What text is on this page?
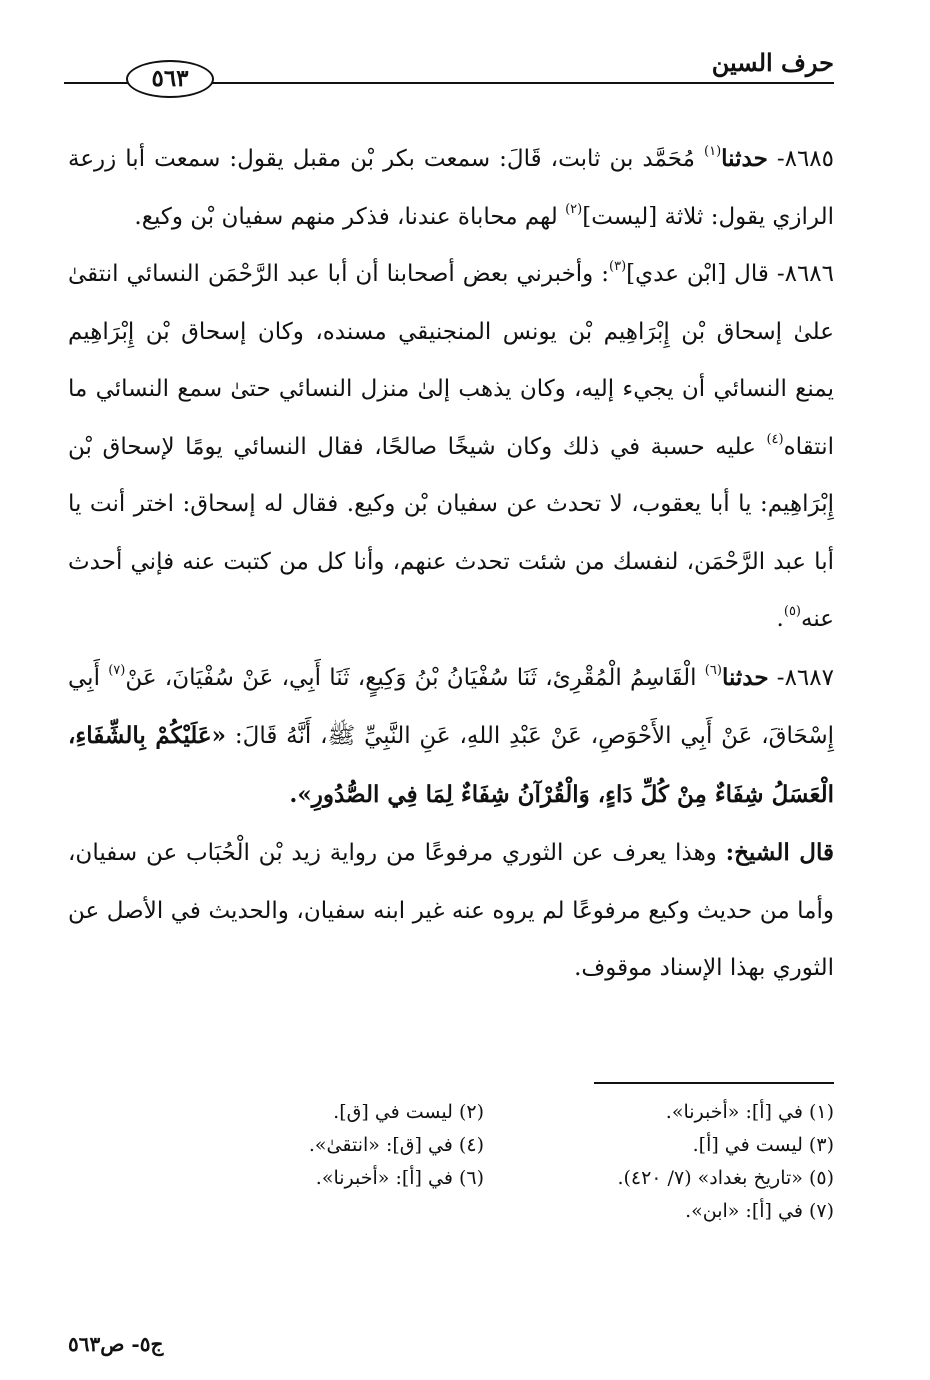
حرف السين
٥٦٣

٨٦٨٥- حدثنا$^{(١)}$ مُحَمَّد بن ثابت، قَالَ: سمعت بكر بْن مقبل يقول: سمعت أبا زرعة الرازي يقول: ثلاثة [ليست]$^{(٢)}$ لهم محاباة عندنا، فذكر منهم سفيان بْن وكيع.

٨٦٨٦- قال [ابْن عدي]$^{(٣)}$: وأخبرني بعض أصحابنا أن أبا عبد الرَّحْمَن النسائي انتقىٰ علىٰ إسحاق بْن إِبْرَاهِيم بْن يونس المنجنيقي مسنده، وكان إسحاق بْن إِبْرَاهِيم يمنع النسائي أن يجيء إليه، وكان يذهب إلىٰ منزل النسائي حتىٰ سمع النسائي ما انتقاه$^{(٤)}$ عليه حسبة في ذلك وكان شيخًا صالحًا، فقال النسائي يومًا لإسحاق بْن إِبْرَاهِيم: يا أبا يعقوب، لا تحدث عن سفيان بْن وكيع. فقال له إسحاق: اختر أنت يا أبا عبد الرَّحْمَن، لنفسك من شئت تحدث عنهم، وأنا كل من كتبت عنه فإني أحدث عنه$^{(٥)}$.

٨٦٨٧- حدثنا$^{(٦)}$ الْقَاسِمُ الْمُقْرِئ، ثَنَا سُفْيَانُ بْنُ وَكِيعٍ، ثَنَا أَبِي، عَنْ سُفْيَانَ، عَنْ$^{(٧)}$ أَبِي إِسْحَاقَ، عَنْ أَبِي الأَحْوَصِ، عَنْ عَبْدِ اللهِ، عَنِ النَّبِيِّ ﷺ، أَنَّهُ قَالَ: «عَلَيْكُمْ بِالشِّفَاءِ، الْعَسَلُ شِفَاءٌ مِنْ كُلِّ دَاءٍ، وَالْقُرْآنُ شِفَاءٌ لِمَا فِي الصُّدُورِ».

قال الشيخ: وهذا يعرف عن الثوري مرفوعًا من رواية زيد بْن الْحُبَاب عن سفيان، وأما من حديث وكيع مرفوعًا لم يروه عنه غير ابنه سفيان، والحديث في الأصل عن الثوري بهذا الإسناد موقوف.

(١) في [أ]: «أخبرنا».
(٢) ليست في [ق].
(٣) ليست في [أ].
(٤) في [ق]: «انتقىٰ».
(٥) «تاريخ بغداد» (٧/ ٤٢٠).
(٦) في [أ]: «أخبرنا».
(٧) في [أ]: «ابن».
ج٥- ص٥٦٣
